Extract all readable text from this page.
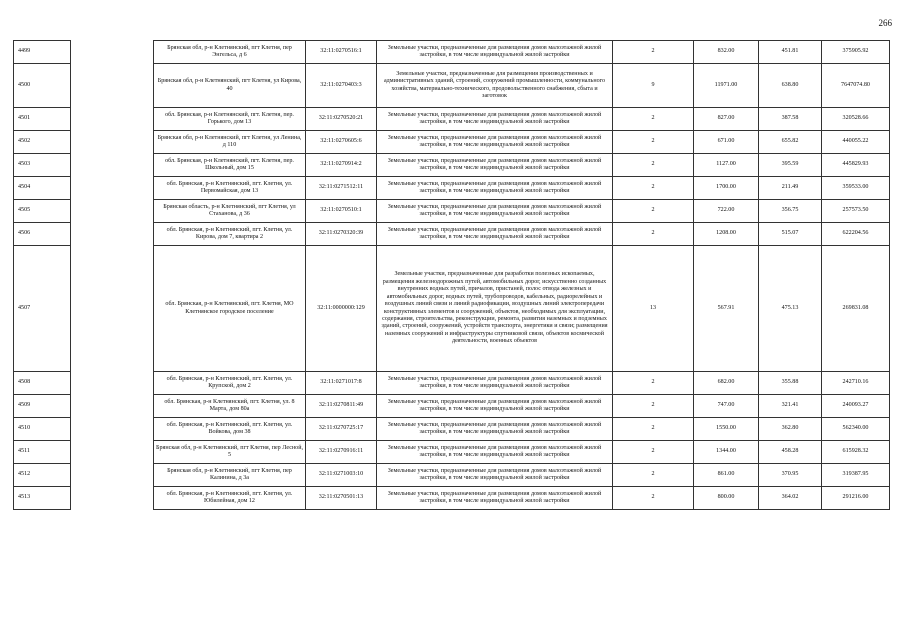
266
4499		Брянская обл, р-н Клетнянский, пгт Клетня, пер Энгельса, д 6	32:11:0270516:1	Земельные участки, предназначенные для размещения домов малоэтажной жилой застройки, в том числе индивидуальной жилой застройки	2	832.00	451.81	375905.92
4500		Брянская обл, р-н Клетнянский, пгт Клетня, ул Кирова, 40	32:11:0270403:3	Земельные участки, предназначенные для размещения производственных и административных зданий, строений, сооружений промышленности, коммунального хозяйства, материально-технического, продовольственного снабжения, сбыта и заготовок	9	11971.00	638.80	7647074.80
4501		обл. Брянская, р-н Клетнянский, пгт. Клетня, пер. Горького, дом 13	32:11:0270520:21	Земельные участки, предназначенные для размещения домов малоэтажной жилой застройки, в том числе индивидуальной жилой застройки	2	827.00	387.58	320528.66
4502		Брянская обл, р-н Клетнянский, пгт Клетня, ул Ленина, д 110	32:11:0270605:6	Земельные участки, предназначенные для размещения домов малоэтажной жилой застройки, в том числе индивидуальной жилой застройки	2	671.00	655.82	440055.22
4503		обл. Брянская, р-н Клетнянский, пгт. Клетня, пер. Школьный, дом 15	32:11:0270914:2	Земельные участки, предназначенные для размещения домов малоэтажной жилой застройки, в том числе индивидуальной жилой застройки	2	1127.00	395.59	445829.93
4504		обл. Брянская, р-н Клетнянский, пгт. Клетня, ул. Первомайская, дом 13	32:11:0271512:11	Земельные участки, предназначенные для размещения домов малоэтажной жилой застройки, в том числе индивидуальной жилой застройки	2	1700.00	211.49	359533.00
4505		Брянская область, р-н Клетнянский, пгт Клетня, ул Стаханова, д 36	32:11:0270510:1	Земельные участки, предназначенные для размещения домов малоэтажной жилой застройки, в том числе индивидуальной жилой застройки	2	722.00	356.75	257573.50
4506		обл. Брянская, р-н Клетнянский, пгт. Клетня, ул. Кирова, дом 7, квартира 2	32:11:0270320:39	Земельные участки, предназначенные для размещения домов малоэтажной жилой застройки, в том числе индивидуальной жилой застройки	2	1208.00	515.07	622204.56
4507		обл. Брянская, р-н Клетнянский, пгт. Клетня, МО Клетнянское городское поселение	32:11:0000000:129	Земельные участки, предназначенные для разработки полезных ископаемых, размещения железнодорожных путей, автомобильных дорог, искусственно созданных внутренних водных путей, причалов, пристаней, полос отвода железных и автомобильных дорог, водных путей, трубопроводов, кабельных, радиорелейных и воздушных линий связи и линий радиофикации, воздушных линий электропередачи конструктивных элементов и сооружений, объектов, необходимых для эксплуатации, содержания, строительства, реконструкции, ремонта, развития наземных и подземных зданий, строений, сооружений, устройств транспорта, энергетики и связи; размещения наземных сооружений и инфраструктуры спутниковой связи, объектов космической деятельности, военных объектов	13	567.91	475.13	269831.08
4508		обл. Брянская, р-н Клетнянский, пгт. Клетня, ул. Крупской, дом 2	32:11:0271017:8	Земельные участки, предназначенные для размещения домов малоэтажной жилой застройки, в том числе индивидуальной жилой застройки	2	682.00	355.88	242710.16
4509		обл. Брянская, р-н Клетнянский, пгт. Клетня, ул. 8 Марта, дом 80а	32:11:0270811:49	Земельные участки, предназначенные для размещения домов малоэтажной жилой застройки, в том числе индивидуальной жилой застройки	2	747.00	321.41	240093.27
4510		обл. Брянская, р-н Клетнянский, пгт. Клетня, ул. Войкова, дом 38	32:11:0270725:17	Земельные участки, предназначенные для размещения домов малоэтажной жилой застройки, в том числе индивидуальной жилой застройки	2	1550.00	362.80	562340.00
4511		Брянская обл, р-н Клетнянский, пгт Клетня, пер Лесной, 5	32:11:0270916:11	Земельные участки, предназначенные для размещения домов малоэтажной жилой застройки, в том числе индивидуальной жилой застройки	2	1344.00	458.28	615928.32
4512		Брянская обл, р-н Клетнянский, пгт Клетня, пер Калинина, д 3а	32:11:0271003:10	Земельные участки, предназначенные для размещения домов малоэтажной жилой застройки, в том числе индивидуальной жилой застройки	2	861.00	370.95	319387.95
4513		обл. Брянская, р-н Клетнянский, пгт. Клетня, ул. Юбилейная, дом 12	32:11:0270501:13	Земельные участки, предназначенные для размещения домов малоэтажной жилой застройки, в том числе индивидуальной жилой застройки	2	800.00	364.02	291216.00
